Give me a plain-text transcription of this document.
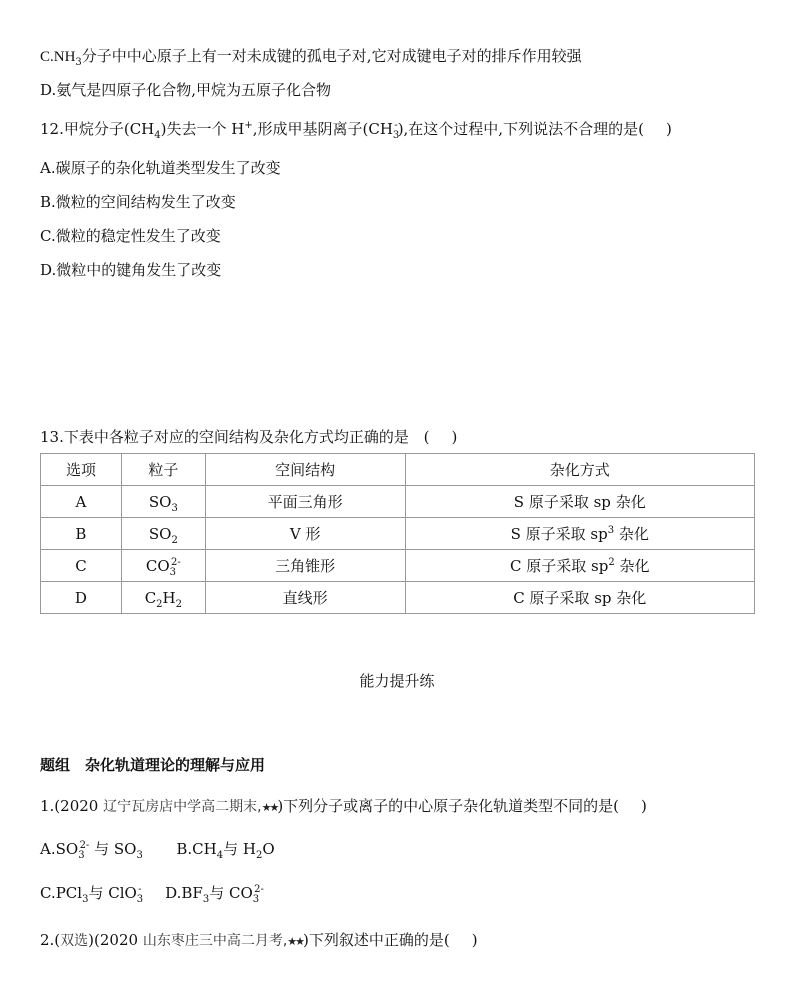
$C.NH_3$分子中中心原子上有一对未成键的孤电子对,它对成键电子对的排斥作用较强
D.氨气是四原子化合物,甲烷为五原子化合物
12.甲烷分子$(CH_4)$失去一个 H+,形成甲基阴离子$(CH_3^-)$,在这个过程中,下列说法不合理的是( )
A.碳原子的杂化轨道类型发生了改变
B.微粒的空间结构发生了改变
C.微粒的稳定性发生了改变
D.微粒中的键角发生了改变
13.下表中各粒子对应的空间结构及杂化方式均正确的是 ( )
选项	粒子	空间结构	杂化方式
A	$SO_3$	平面三角形	S 原子采取 sp 杂化
B	$SO_2$	V 形	S 原子采取 $sp^3$ 杂化
C	$CO_3^{2-}$	三角锥形	C 原子采取 $sp^2$ 杂化
D	$C_2H_2$	直线形	C 原子采取 sp 杂化
能力提升练
题组　杂化轨道理论的理解与应用
1.(2020 辽宁瓦房店中学高二期末,★★)下列分子或离子的中心原子杂化轨道类型不同的是( )
$A.SO_3^{2-}$ 与 $SO_3$ $B.CH_4$与 $H_2O$
C.PCl$_3$与 ClO$_3$- $D.BF_3$与 $CO_3^{2-}$
2.(双选)(2020 山东枣庄三中高二月考,★★)下列叙述中正确的是( )
